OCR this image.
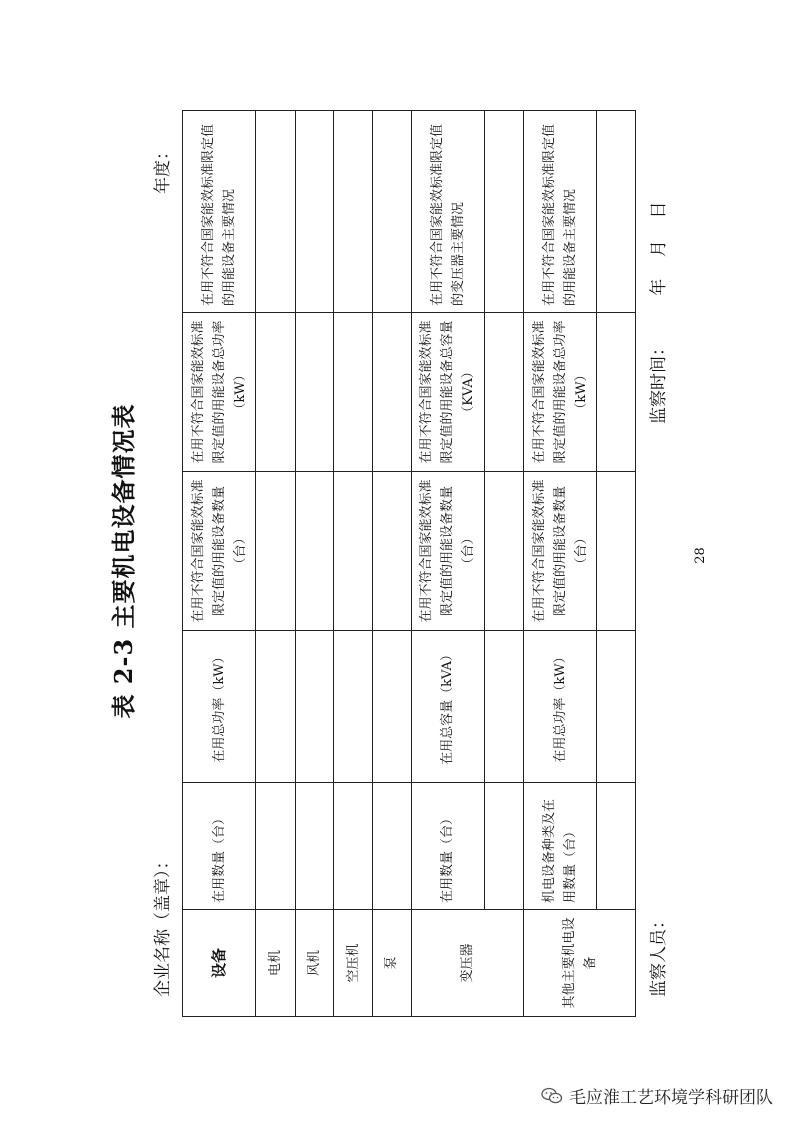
表 2-3 主要机电设备情况表
企业名称（盖章）：
年度：
设备	在用数量（台）	在用总功率（kW）	在用不符合国家能效标准限定值的用能设备数量（台）	在用不符合国家能效标准限定值的用能设备总功率（kW）	在用不符合国家能效标准限定值的用能设备主要情况
电机					
风机					
空压机					
泵					
变压器	在用数量（台）	在用总容量（kVA）	在用不符合国家能效标准限定值的用能设备数量（台）	在用不符合国家能效标准限定值的用能设备总容量（KVA）	在用不符合国家能效标准限定值的变压器主要情况

其他主要机电设备	机电设备种类及在用数量（台）	在用总功率（kW）	在用不符合国家能效标准限定值的用能设备数量（台）	在用不符合国家能效标准限定值的用能设备总功率（kW）	在用不符合国家能效标准限定值的用能设备主要情况

监察人员：
监察时间：        年    月    日
28
毛应淮工艺环境学科研团队
